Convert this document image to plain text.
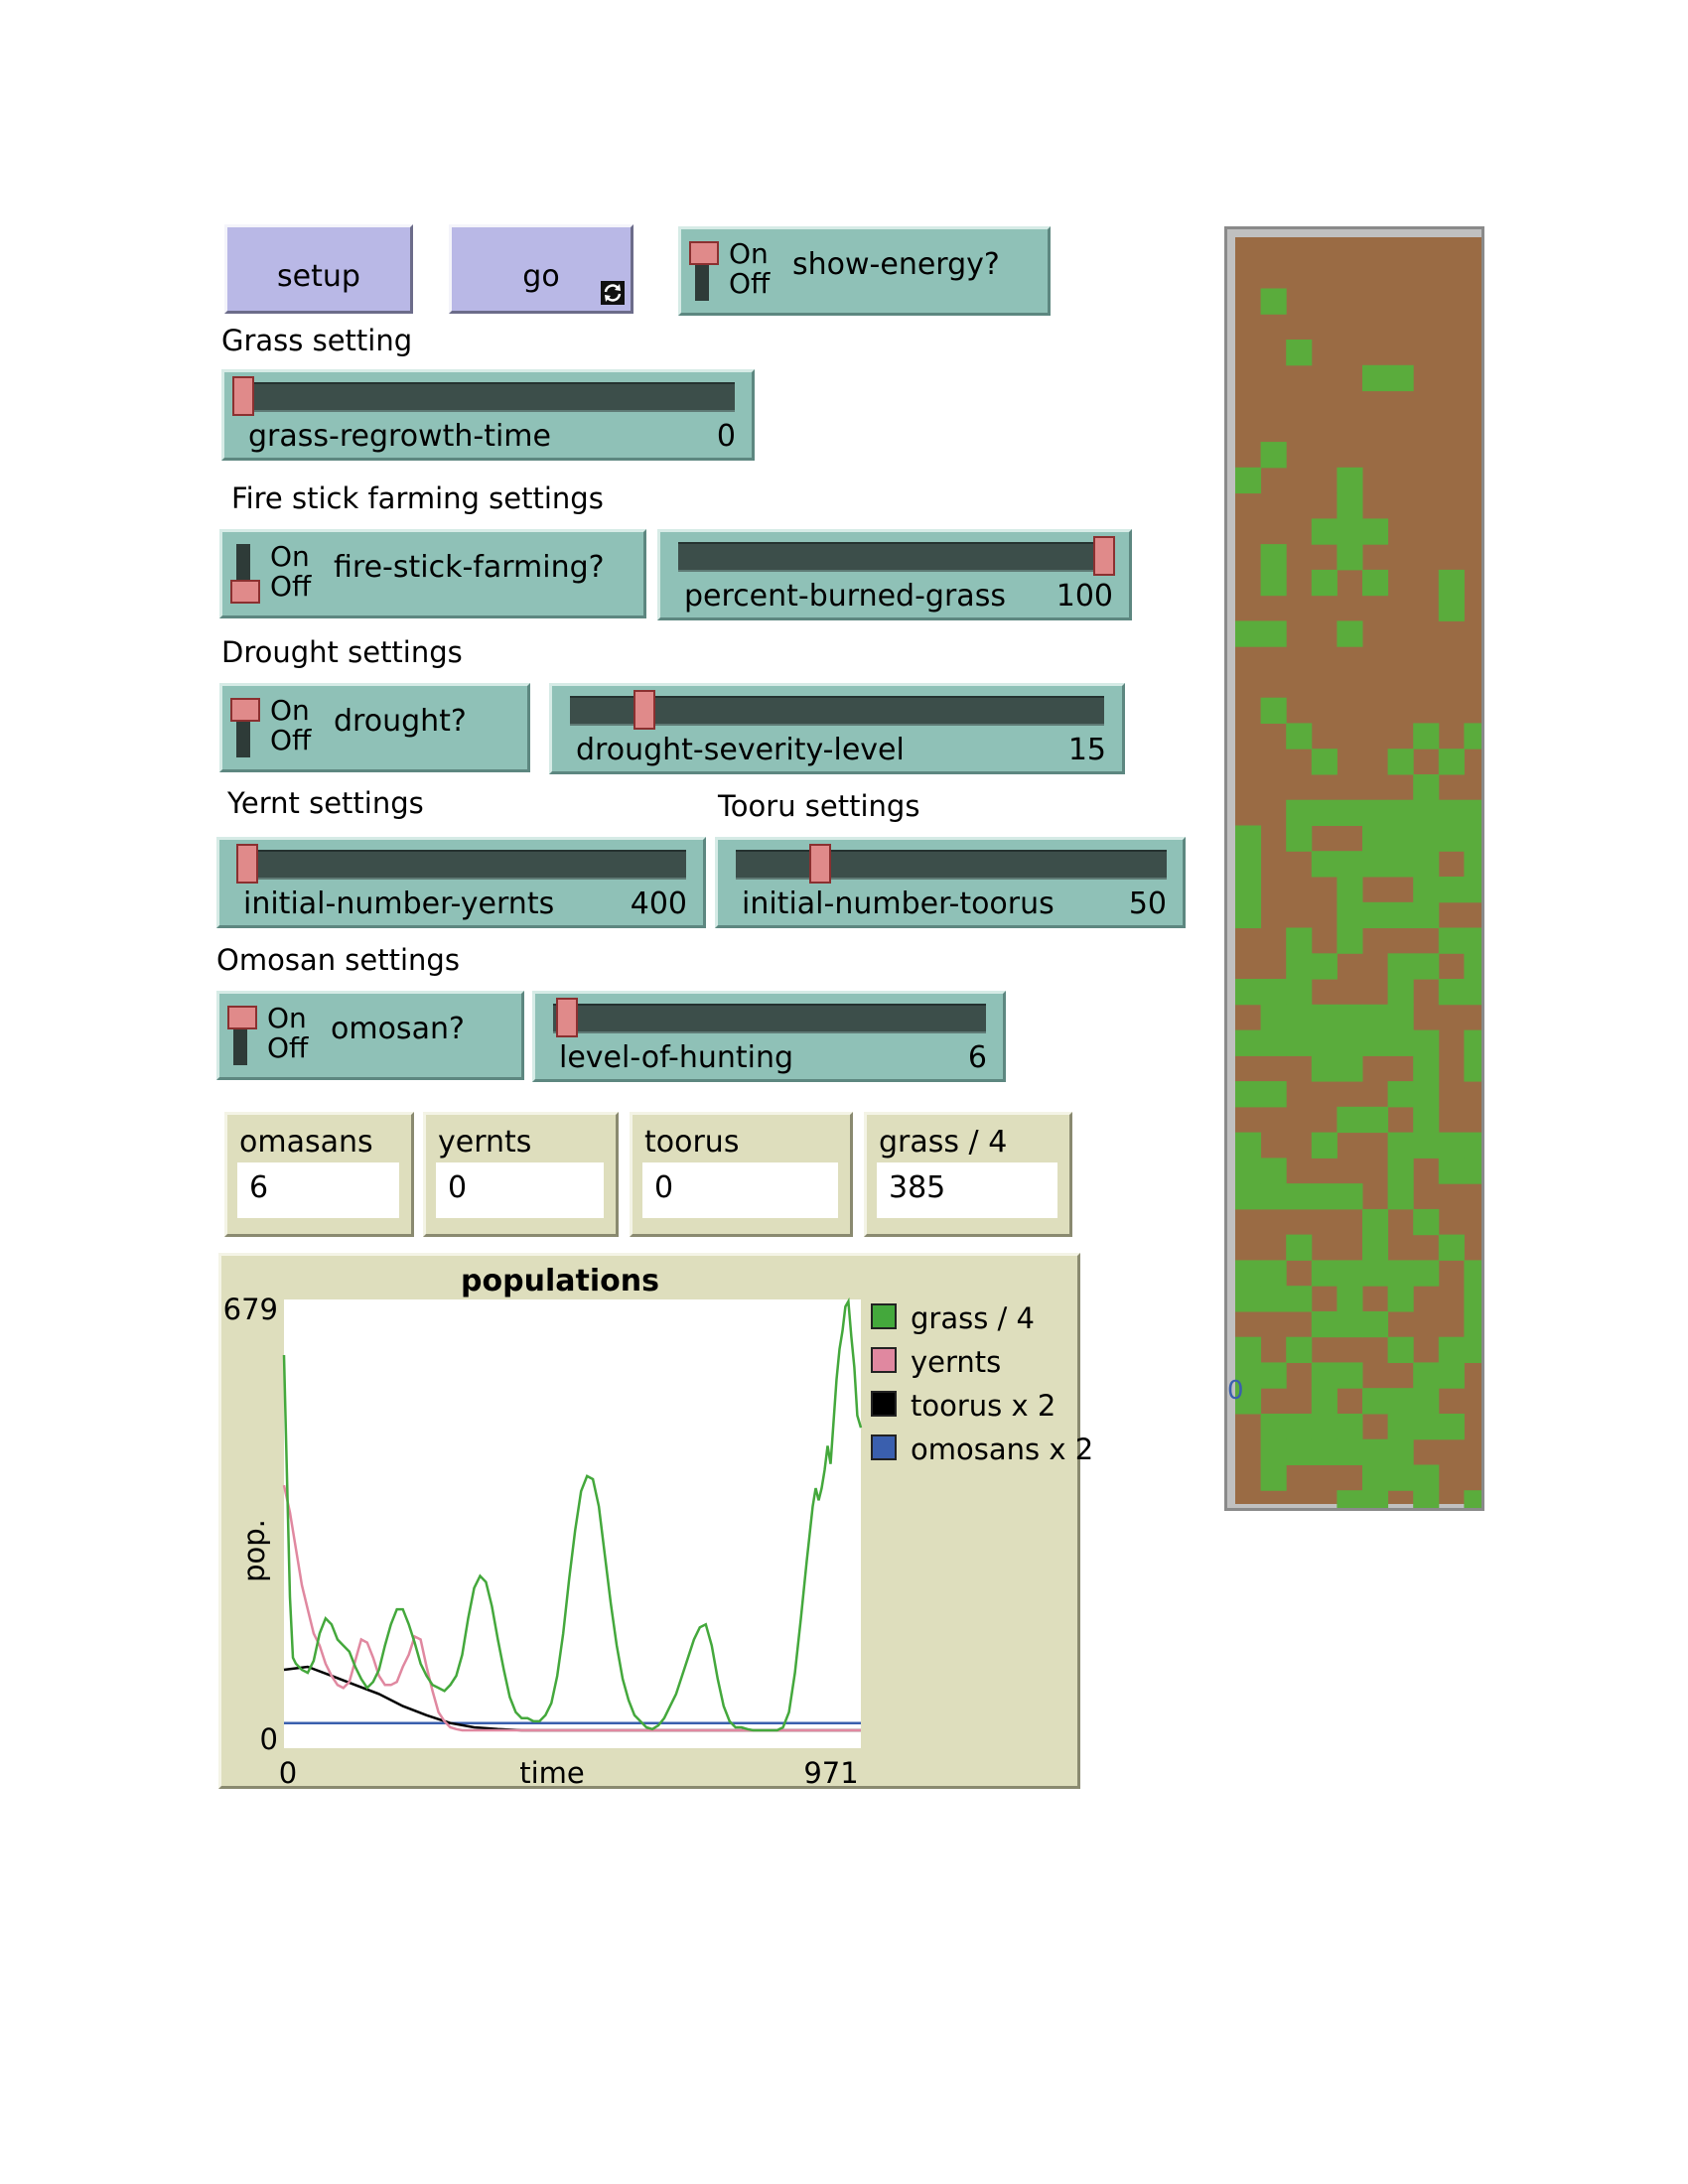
setup	go
On
Off
show-energy?
Grass setting
grass-regrowth-time	0
Fire stick farming settings
On
Off
fire-stick-farming?
percent-burned-grass 100
Drought settings
On
Off
drought?
drought-severity-level	15
Yernt settings	Tooru settings
initial-number-yernts	400 initial-number-toorus	50
Omosan settings
On
Off
omosan?
level-of-hunting	6
omasans
6
yernts
0
toorus
0
grass / 4
385
populations
679
0
0	971
time
pop.
grass / 4
yernts
toorus x 2
omosans x 2
0
